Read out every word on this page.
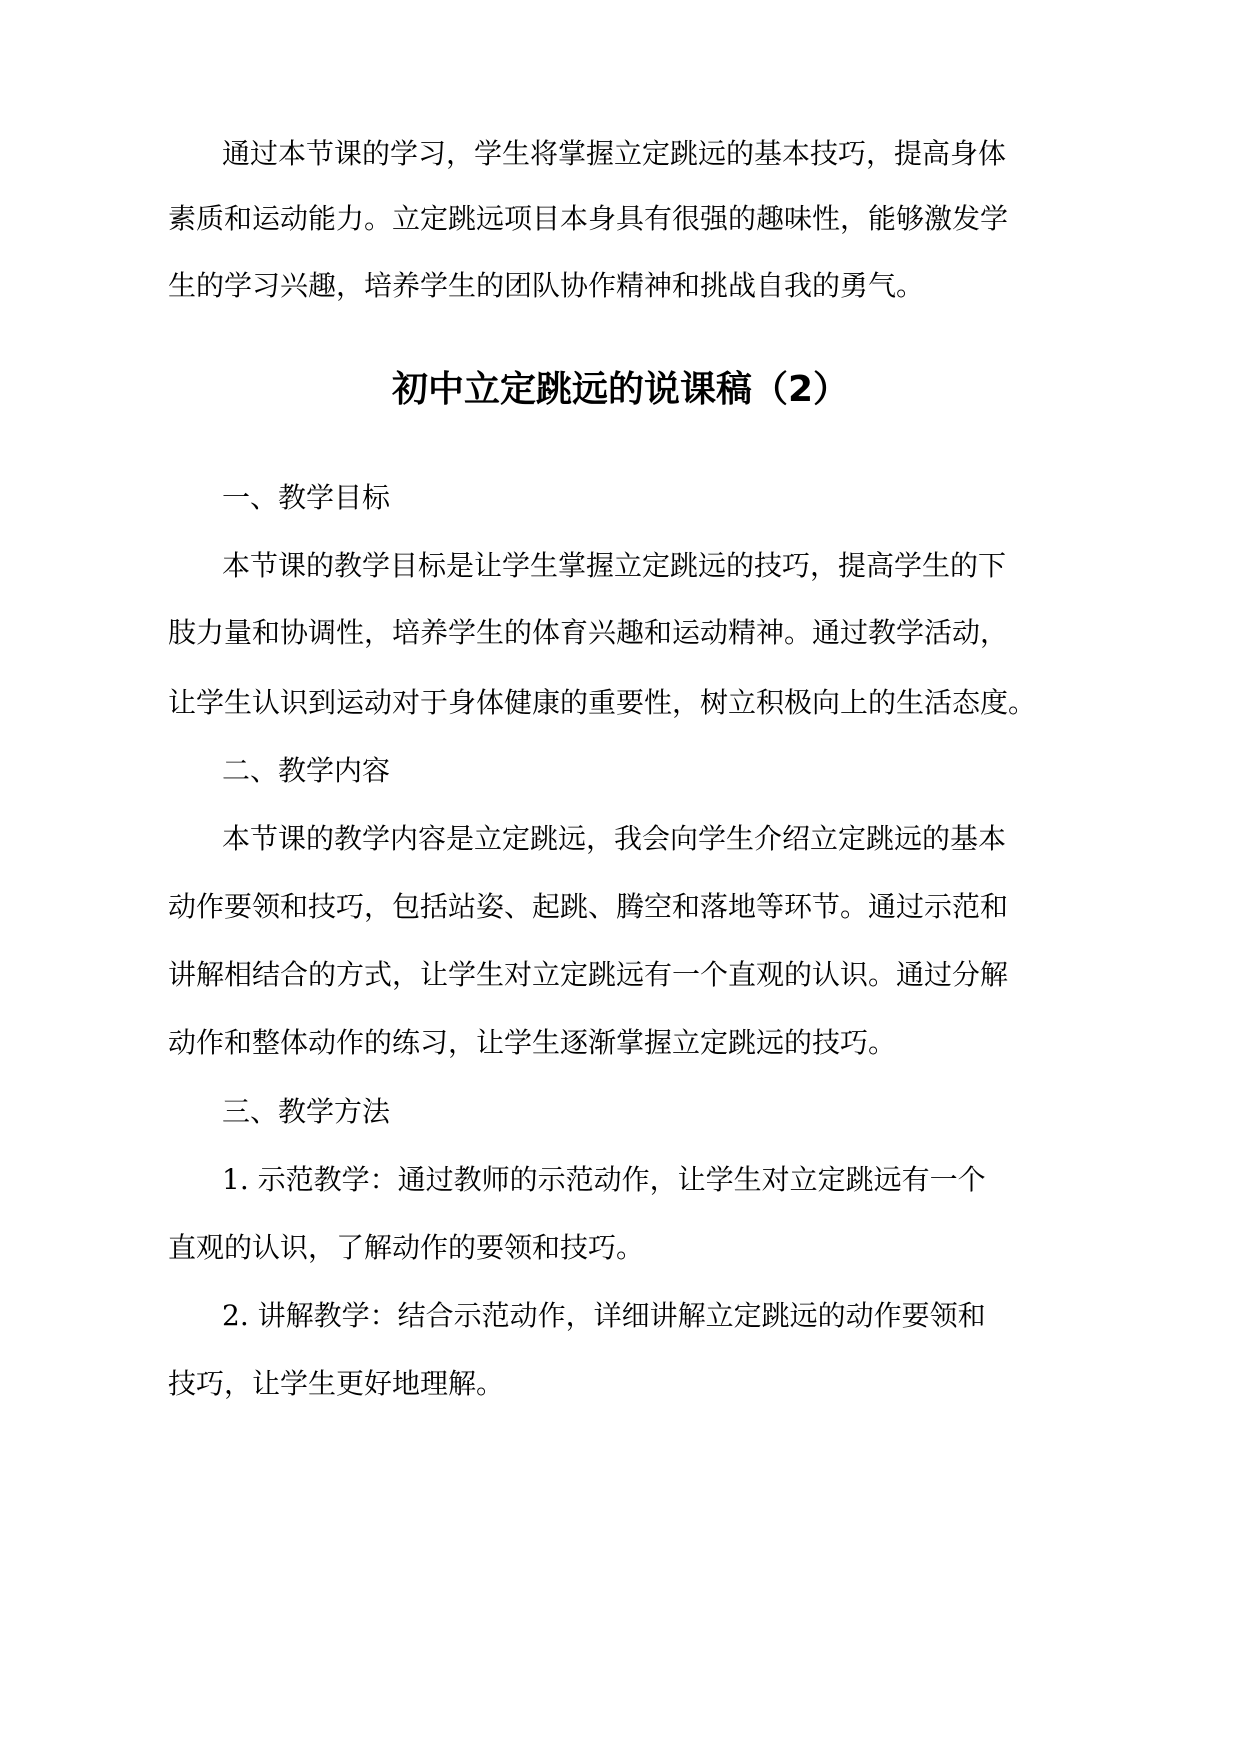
通过本节课的学习，学生将掌握立定跳远的基本技巧，提高身体
素质和运动能力。立定跳远项目本身具有很强的趣味性，能够激发学
生的学习兴趣，培养学生的团队协作精神和挑战自我的勇气。
初中立定跳远的说课稿（2）
一、教学目标
本节课的教学目标是让学生掌握立定跳远的技巧，提高学生的下
肢力量和协调性，培养学生的体育兴趣和运动精神。通过教学活动，
让学生认识到运动对于身体健康的重要性，树立积极向上的生活态度。
二、教学内容
本节课的教学内容是立定跳远，我会向学生介绍立定跳远的基本
动作要领和技巧，包括站姿、起跳、腾空和落地等环节。通过示范和
讲解相结合的方式，让学生对立定跳远有一个直观的认识。通过分解
动作和整体动作的练习，让学生逐渐掌握立定跳远的技巧。
三、教学方法
1. 示范教学：通过教师的示范动作，让学生对立定跳远有一个
直观的认识，了解动作的要领和技巧。
2. 讲解教学：结合示范动作，详细讲解立定跳远的动作要领和
技巧，让学生更好地理解。
